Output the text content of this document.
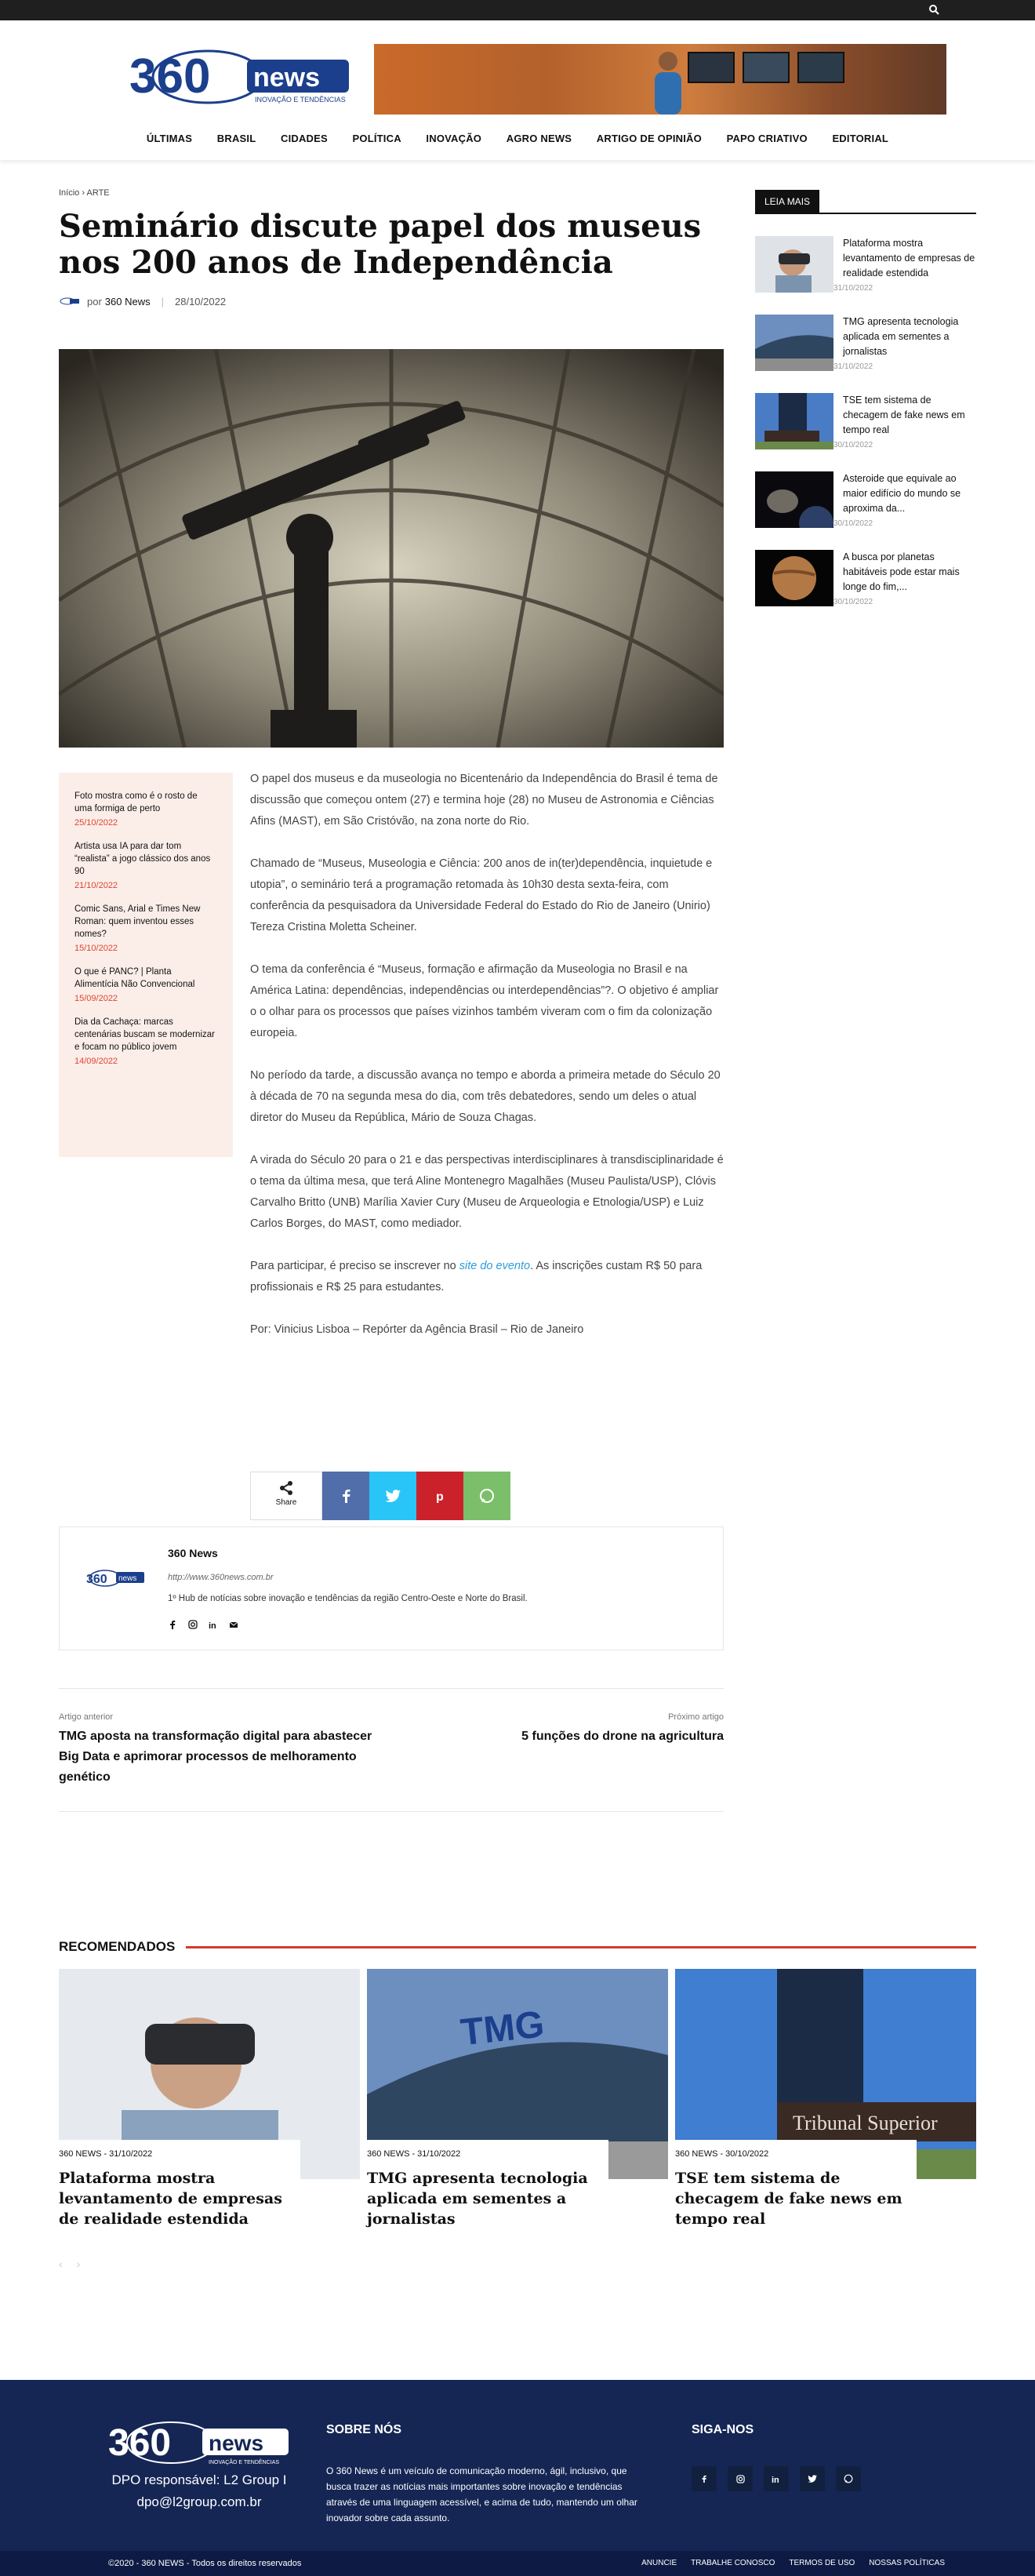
360 news
INOVAÇÃO E TENDÊNCIAS
ÚLTIMAS BRASIL CIDADES POLÍTICA INOVAÇÃO AGRO NEWS ARTIGO DE OPINIÃO PAPO CRIATIVO EDITORIAL
Início › ARTE
Seminário discute papel dos museus nos 200 anos de Independência
por 360 News | 28/10/2022
Foto mostra como é o rosto de uma formiga de perto
25/10/2022
Artista usa IA para dar tom “realista” a jogo clássico dos anos 90
21/10/2022
Comic Sans, Arial e Times New Roman: quem inventou esses nomes?
15/10/2022
O que é PANC? | Planta Alimentícia Não Convencional
15/09/2022
Dia da Cachaça: marcas centenárias buscam se modernizar e focam no público jovem
14/09/2022

O papel dos museus e da museologia no Bicentenário da Independência do Brasil é tema de discussão que começou ontem (27) e termina hoje (28) no Museu de Astronomia e Ciências Afins (MAST), em São Cristóvão, na zona norte do Rio.

Chamado de “Museus, Museologia e Ciência: 200 anos de in(ter)dependência, inquietude e utopia”, o seminário terá a programação retomada às 10h30 desta sexta-feira, com conferência da pesquisadora da Universidade Federal do Estado do Rio de Janeiro (Unirio) Tereza Cristina Moletta Scheiner.

O tema da conferência é “Museus, formação e afirmação da Museologia no Brasil e na América Latina: dependências, independências ou interdependências”?. O objetivo é ampliar o o olhar para os processos que países vizinhos também viveram com o fim da colonização europeia.

No período da tarde, a discussão avança no tempo e aborda a primeira metade do Século 20 à década de 70 na segunda mesa do dia, com três debatedores, sendo um deles o atual diretor do Museu da República, Mário de Souza Chagas.

A virada do Século 20 para o 21 e das perspectivas interdisciplinares à transdisciplinaridade é o tema da última mesa, que terá Aline Montenegro Magalhães (Museu Paulista/USP), Clóvis Carvalho Britto (UNB) Marília Xavier Cury (Museu de Arqueologia e Etnologia/USP) e Luiz Carlos Borges, do MAST, como mediador.

Para participar, é preciso se inscrever no site do evento. As inscrições custam R$ 50 para profissionais e R$ 25 para estudantes.

Por: Vinicius Lisboa – Repórter da Agência Brasil – Rio de Janeiro

Share	p
360 news
360 News
http://www.360news.com.br
1º Hub de notícias sobre inovação e tendências da região Centro-Oeste e Norte do Brasil.
in
Artigo anterior
TMG aposta na transformação digital para abastecer Big Data e aprimorar processos de melhoramento genético
Próximo artigo
5 funções do drone na agricultura
LEIA MAIS
Plataforma mostra levantamento de empresas de realidade estendida
31/10/2022
TMG apresenta tecnologia aplicada em sementes a jornalistas
31/10/2022
TSE tem sistema de checagem de fake news em tempo real
30/10/2022
Asteroide que equivale ao maior edifício do mundo se aproxima da...
30/10/2022
A busca por planetas habitáveis pode estar mais longe do fim,...
30/10/2022
RECOMENDADOS
360 NEWS - 31/10/2022
Plataforma mostra levantamento de empresas de realidade estendida
TMG
360 NEWS - 31/10/2022
TMG apresenta tecnologia aplicada em sementes a jornalistas
Tribunal Superior
360 NEWS - 30/10/2022
TSE tem sistema de checagem de fake news em tempo real
‹›
360 news
INOVAÇÃO E TENDÊNCIAS
DPO responsável: L2 Group I
dpo@l2group.com.br
SOBRE NÓS
O 360 News é um veículo de comunicação moderno, ágil, inclusivo, que busca trazer as notícias mais importantes sobre inovação e tendências através de uma linguagem acessível, e acima de tudo, mantendo um olhar inovador sobre cada assunto.
SIGA-NOS
in
©2020 - 360 NEWS - Todos os direitos reservados	ANUNCIE TRABALHE CONOSCO TERMOS DE USO NOSSAS POLÍTICAS
